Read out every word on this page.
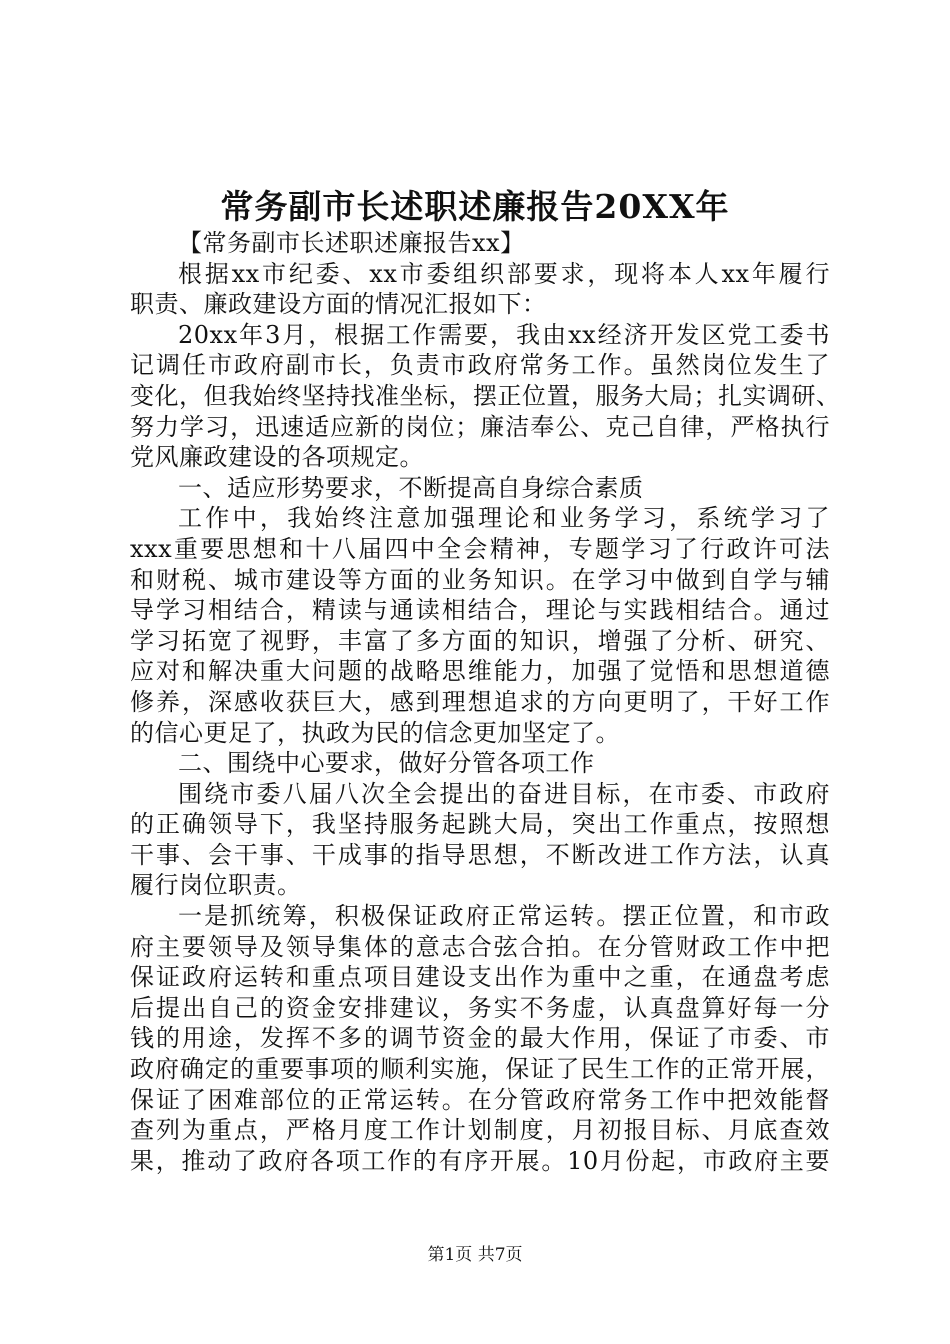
常务副市长述职述廉报告20XX年
【常务副市长述职述廉报告xx】
根据xx市纪委、xx市委组织部要求，现将本人xx年履行
职责、廉政建设方面的情况汇报如下：
20xx年3月，根据工作需要，我由xx经济开发区党工委书
记调任市政府副市长，负责市政府常务工作。虽然岗位发生了
变化，但我始终坚持找准坐标，摆正位置，服务大局；扎实调研、
努力学习，迅速适应新的岗位；廉洁奉公、克己自律，严格执行
党风廉政建设的各项规定。
一、适应形势要求，不断提高自身综合素质
工作中，我始终注意加强理论和业务学习，系统学习了
xxx重要思想和十八届四中全会精神，专题学习了行政许可法
和财税、城市建设等方面的业务知识。在学习中做到自学与辅
导学习相结合，精读与通读相结合，理论与实践相结合。通过
学习拓宽了视野，丰富了多方面的知识，增强了分析、研究、
应对和解决重大问题的战略思维能力，加强了觉悟和思想道德
修养，深感收获巨大，感到理想追求的方向更明了，干好工作
的信心更足了，执政为民的信念更加坚定了。
二、围绕中心要求，做好分管各项工作
围绕市委八届八次全会提出的奋进目标，在市委、市政府
的正确领导下，我坚持服务起跳大局，突出工作重点，按照想
干事、会干事、干成事的指导思想，不断改进工作方法，认真
履行岗位职责。
一是抓统筹，积极保证政府正常运转。摆正位置，和市政
府主要领导及领导集体的意志合弦合拍。在分管财政工作中把
保证政府运转和重点项目建设支出作为重中之重，在通盘考虑
后提出自己的资金安排建议，务实不务虚，认真盘算好每一分
钱的用途，发挥不多的调节资金的最大作用，保证了市委、市
政府确定的重要事项的顺利实施，保证了民生工作的正常开展，
保证了困难部位的正常运转。在分管政府常务工作中把效能督
查列为重点，严格月度工作计划制度，月初报目标、月底查效
果，推动了政府各项工作的有序开展。10月份起，市政府主要
第1页 共7页
